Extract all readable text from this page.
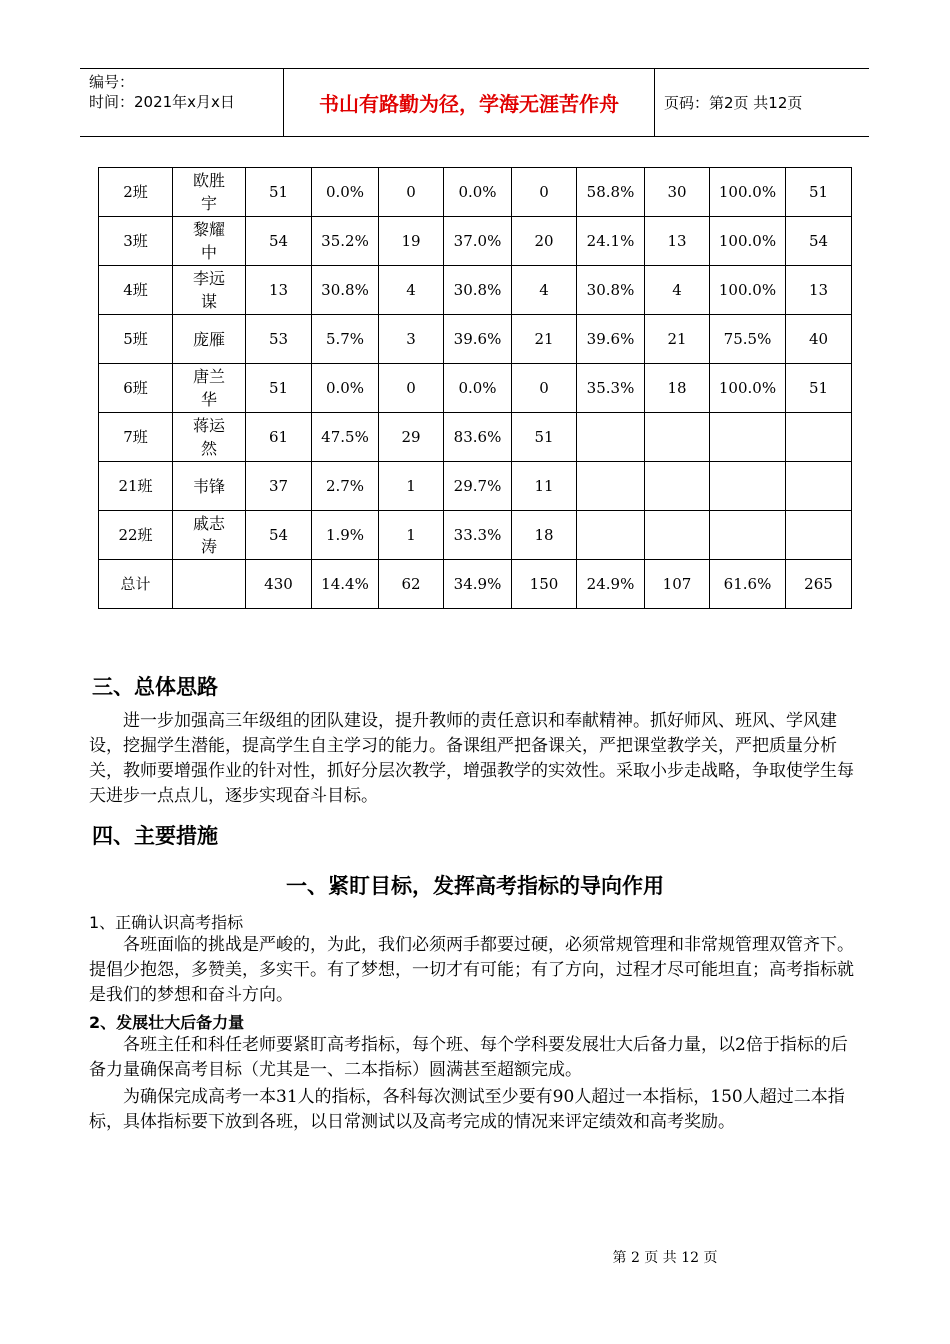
编号：
时间：2021年x月x日	书山有路勤为径，学海无涯苦作舟	页码：第2页 共12页
2班	欧胜宇	51	0.0%	0	0.0%	0	58.8%	30	100.0%	51
3班	黎耀中	54	35.2%	19	37.0%	20	24.1%	13	100.0%	54
4班	李远谋	13	30.8%	4	30.8%	4	30.8%	4	100.0%	13
5班	庞雁	53	5.7%	3	39.6%	21	39.6%	21	75.5%	40
6班	唐兰华	51	0.0%	0	0.0%	0	35.3%	18	100.0%	51
7班	蒋运然	61	47.5%	29	83.6%	51				
21班	韦锋	37	2.7%	1	29.7%	11				
22班	戚志涛	54	1.9%	1	33.3%	18				
总计		430	14.4%	62	34.9%	150	24.9%	107	61.6%	265
三、总体思路

进一步加强高三年级组的团队建设，提升教师的责任意识和奉献精神。抓好师风、班风、学风建设，挖掘学生潜能，提高学生自主学习的能力。备课组严把备课关，严把课堂教学关，严把质量分析关，教师要增强作业的针对性，抓好分层次教学，增强教学的实效性。采取小步走战略，争取使学生每天进步一点点儿，逐步实现奋斗目标。

四、主要措施
一、紧盯目标，发挥高考指标的导向作用
1、正确认识高考指标

各班面临的挑战是严峻的，为此，我们必须两手都要过硬，必须常规管理和非常规管理双管齐下。提倡少抱怨，多赞美，多实干。有了梦想，一切才有可能；有了方向，过程才尽可能坦直；高考指标就是我们的梦想和奋斗方向。

2、发展壮大后备力量

各班主任和科任老师要紧盯高考指标，每个班、每个学科要发展壮大后备力量，以2倍于指标的后备力量确保高考目标（尤其是一、二本指标）圆满甚至超额完成。

为确保完成高考一本31人的指标，各科每次测试至少要有90人超过一本指标，150人超过二本指标，具体指标要下放到各班，以日常测试以及高考完成的情况来评定绩效和高考奖励。

第 2 页 共 12 页
